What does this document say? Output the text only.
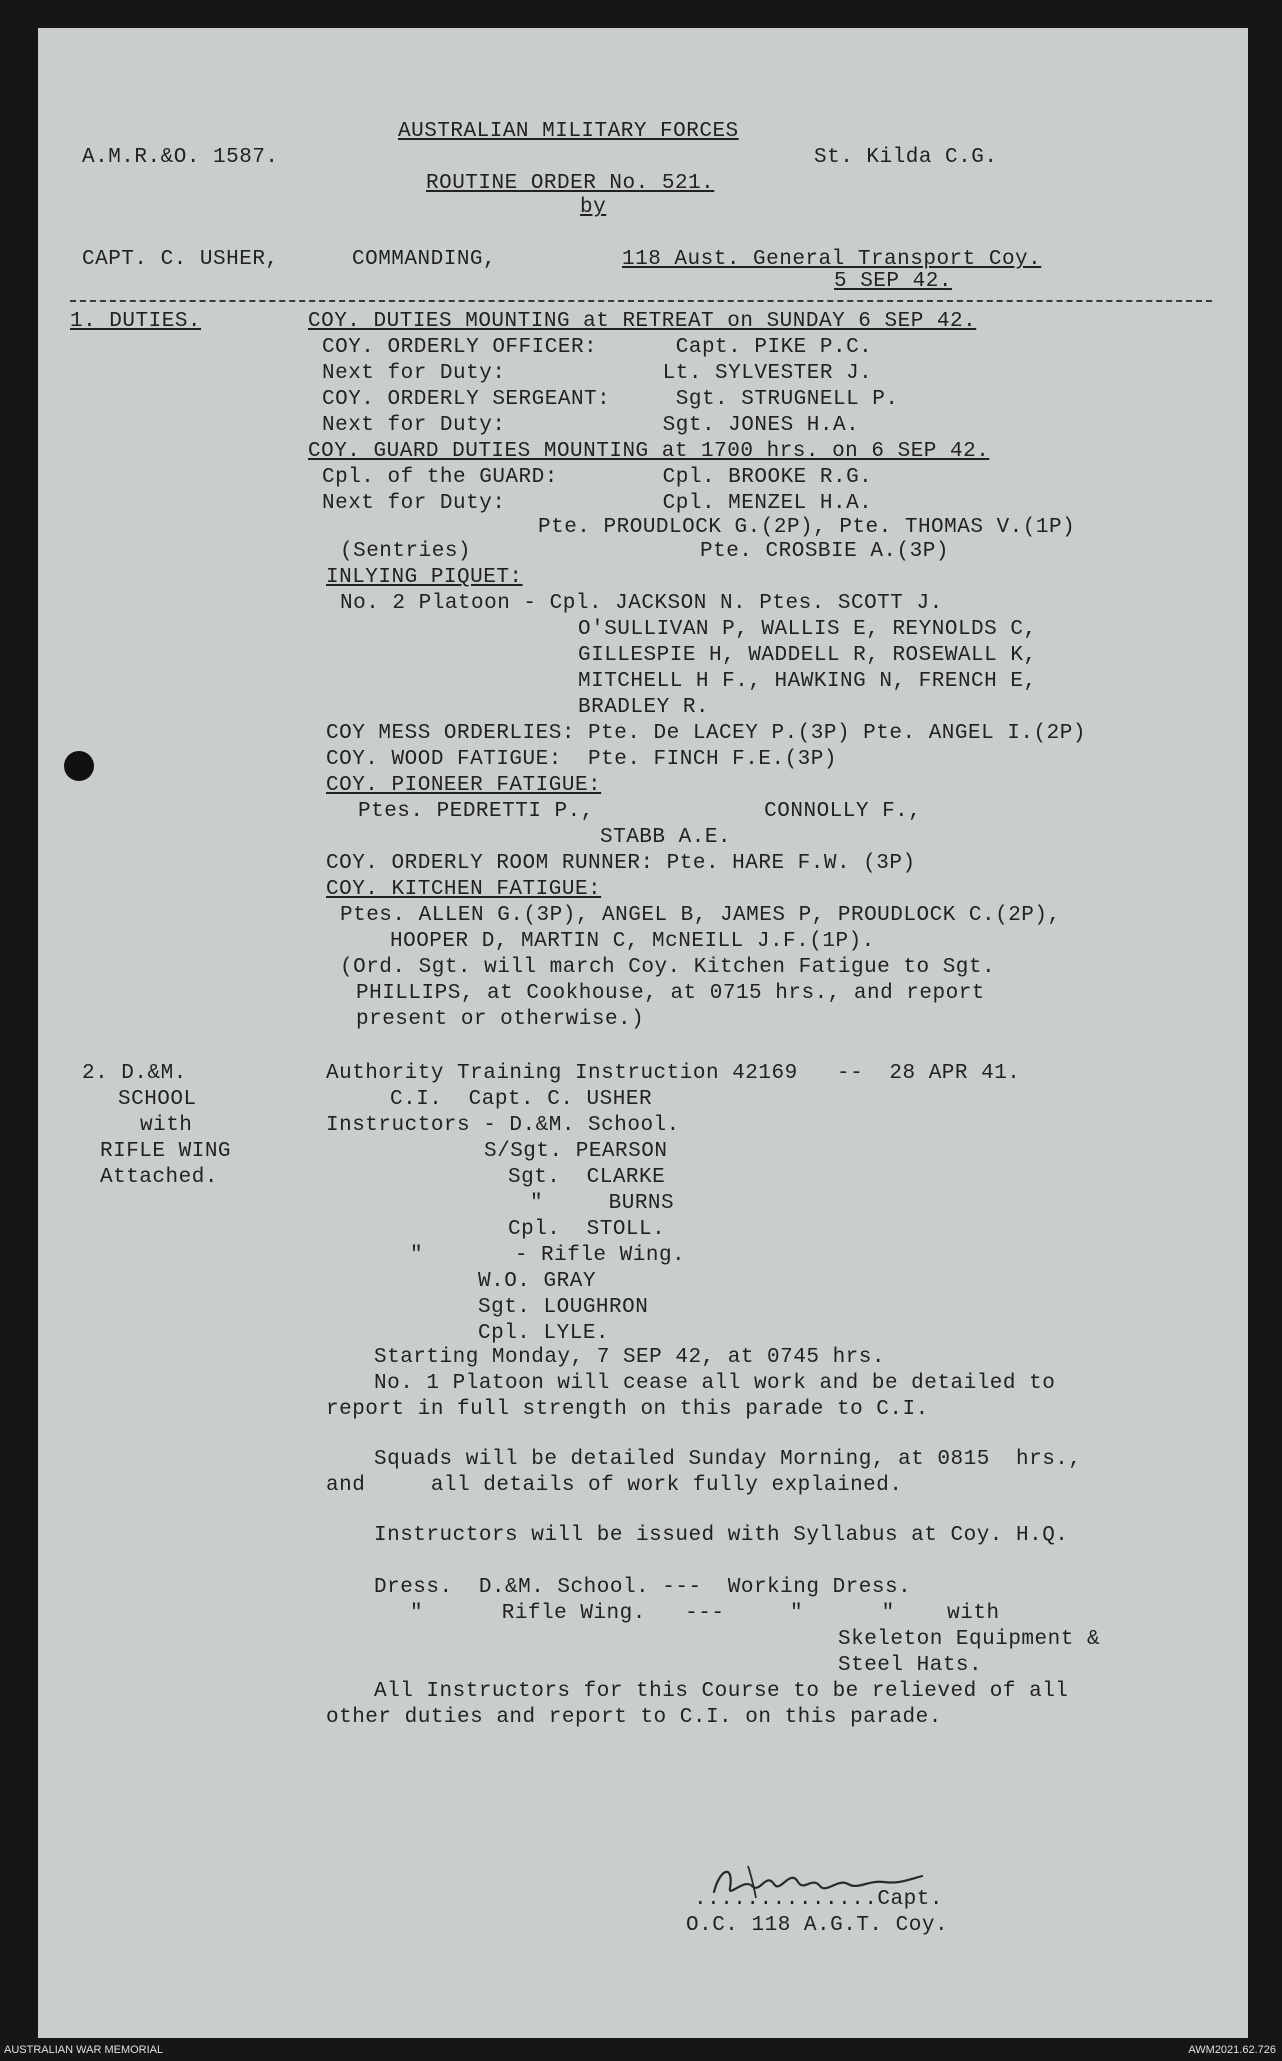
A.M.R.&O. 1587.
AUSTRALIAN MILITARY FORCES
St. Kilda C.G.
ROUTINE ORDER No. 521.
by
CAPT. C. USHER,	COMMANDING,	118 Aust. General Transport Coy.
5 SEP 42.
1. DUTIES.	COY. DUTIES MOUNTING at RETREAT on SUNDAY 6 SEP 42.
COY. ORDERLY OFFICER:      Capt. PIKE P.C.
Next for Duty:            Lt. SYLVESTER J.
COY. ORDERLY SERGEANT:     Sgt. STRUGNELL P.
Next for Duty:            Sgt. JONES H.A.
COY. GUARD DUTIES MOUNTING at 1700 hrs. on 6 SEP 42.
Cpl. of the GUARD:        Cpl. BROOKE R.G.
Next for Duty:            Cpl. MENZEL H.A.
Pte. PROUDLOCK G.(2P), Pte. THOMAS V.(1P)
(Sentries)	Pte. CROSBIE A.(3P)
INLYING PIQUET:
No. 2 Platoon - Cpl. JACKSON N. Ptes. SCOTT J.
O'SULLIVAN P, WALLIS E, REYNOLDS C,
GILLESPIE H, WADDELL R, ROSEWALL K,
MITCHELL H F., HAWKING N, FRENCH E,
BRADLEY R.
COY MESS ORDERLIES: Pte. De LACEY P.(3P) Pte. ANGEL I.(2P)
COY. WOOD FATIGUE:  Pte. FINCH F.E.(3P)
COY. PIONEER FATIGUE:
Ptes. PEDRETTI P.,             CONNOLLY F.,
STABB A.E.
COY. ORDERLY ROOM RUNNER: Pte. HARE F.W. (3P)
COY. KITCHEN FATIGUE:
Ptes. ALLEN G.(3P), ANGEL B, JAMES P, PROUDLOCK C.(2P),
HOOPER D, MARTIN C, McNEILL J.F.(1P).
(Ord. Sgt. will march Coy. Kitchen Fatigue to Sgt.
PHILLIPS, at Cookhouse, at 0715 hrs., and report
present or otherwise.)
2. D.&M.
SCHOOL
with
RIFLE WING
Attached.
Authority Training Instruction 42169   --  28 APR 41.
C.I.  Capt. C. USHER
Instructors - D.&M. School.
S/Sgt. PEARSON
Sgt.  CLARKE
"     BURNS
Cpl.  STOLL.
"       - Rifle Wing.
W.O. GRAY
Sgt. LOUGHRON
Cpl. LYLE.
Starting Monday, 7 SEP 42, at 0745 hrs.
No. 1 Platoon will cease all work and be detailed to
report in full strength on this parade to C.I.
Squads will be detailed Sunday Morning, at 0815  hrs.,
and     all details of work fully explained.
Instructors will be issued with Syllabus at Coy. H.Q.
Dress.  D.&M. School. ---  Working Dress.
"      Rifle Wing.   ---     "      "    with
Skeleton Equipment &
Steel Hats.
All Instructors for this Course to be relieved of all
other duties and report to C.I. on this parade.
..............Capt.
O.C. 118 A.G.T. Coy.
AUSTRALIAN WAR MEMORIAL	AWM2021.62.726
